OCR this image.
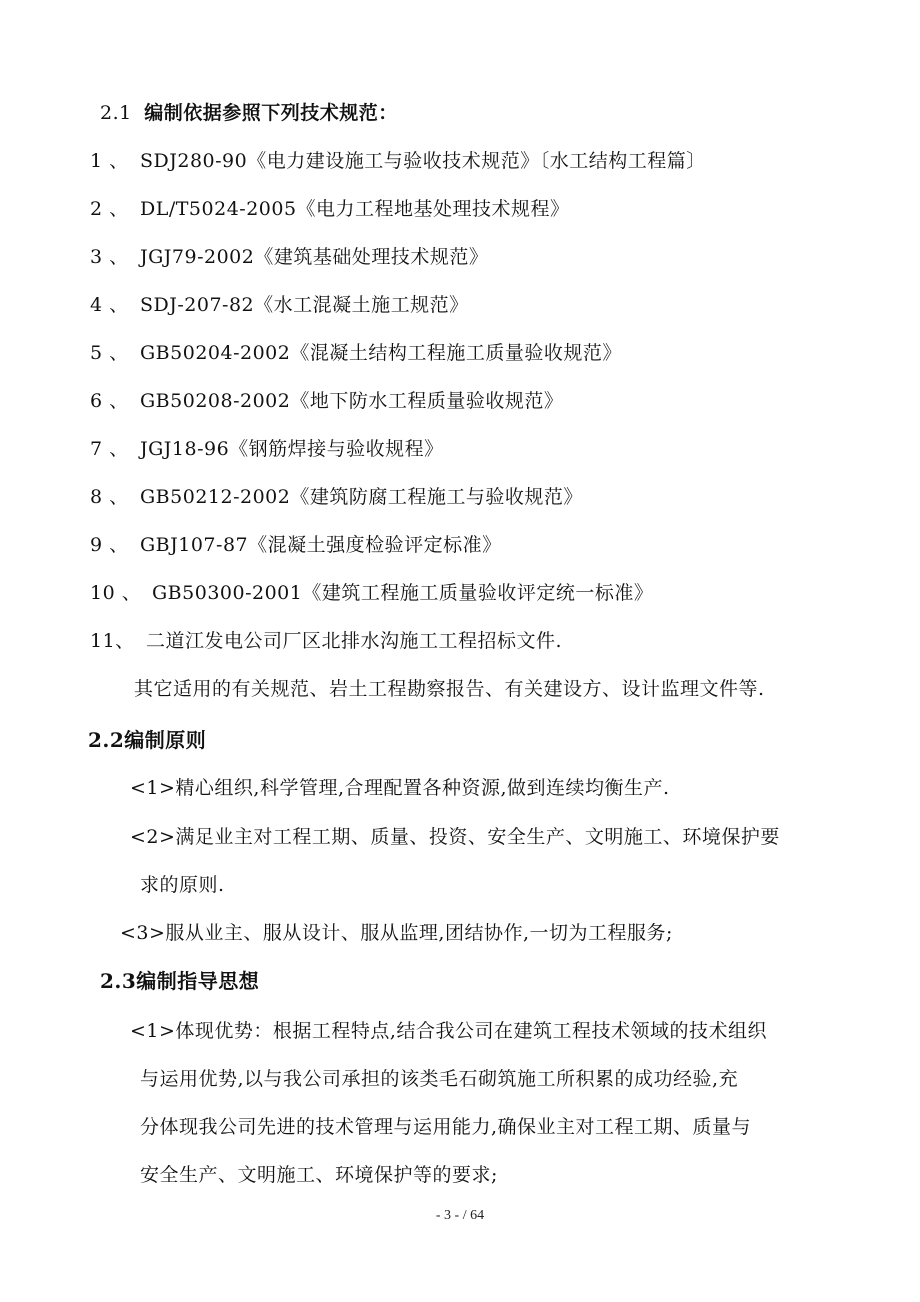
2.1 编制依据参照下列技术规范：
1 、 SDJ280-90《电力建设施工与验收技术规范》〔水工结构工程篇〕
2 、 DL/T5024-2005《电力工程地基处理技术规程》
3 、 JGJ79-2002《建筑基础处理技术规范》
4 、 SDJ-207-82《水工混凝土施工规范》
5 、 GB50204-2002《混凝土结构工程施工质量验收规范》
6 、 GB50208-2002《地下防水工程质量验收规范》
7 、 JGJ18-96《钢筋焊接与验收规程》
8 、 GB50212-2002《建筑防腐工程施工与验收规范》
9 、 GBJ107-87《混凝土强度检验评定标准》
10 、 GB50300-2001《建筑工程施工质量验收评定统一标准》
11、 二道江发电公司厂区北排水沟施工工程招标文件.
其它适用的有关规范、岩土工程勘察报告、有关建设方、设计监理文件等.
2.2编制原则
<1>精心组织,科学管理,合理配置各种资源,做到连续均衡生产.
<2>满足业主对工程工期、质量、投资、安全生产、文明施工、环境保护要
求的原则.
<3>服从业主、服从设计、服从监理,团结协作,一切为工程服务;
2.3编制指导思想
<1>体现优势：根据工程特点,结合我公司在建筑工程技术领域的技术组织
与运用优势,以与我公司承担的该类毛石砌筑施工所积累的成功经验,充
分体现我公司先进的技术管理与运用能力,确保业主对工程工期、质量与
安全生产、文明施工、环境保护等的要求;
- 3 - / 64
